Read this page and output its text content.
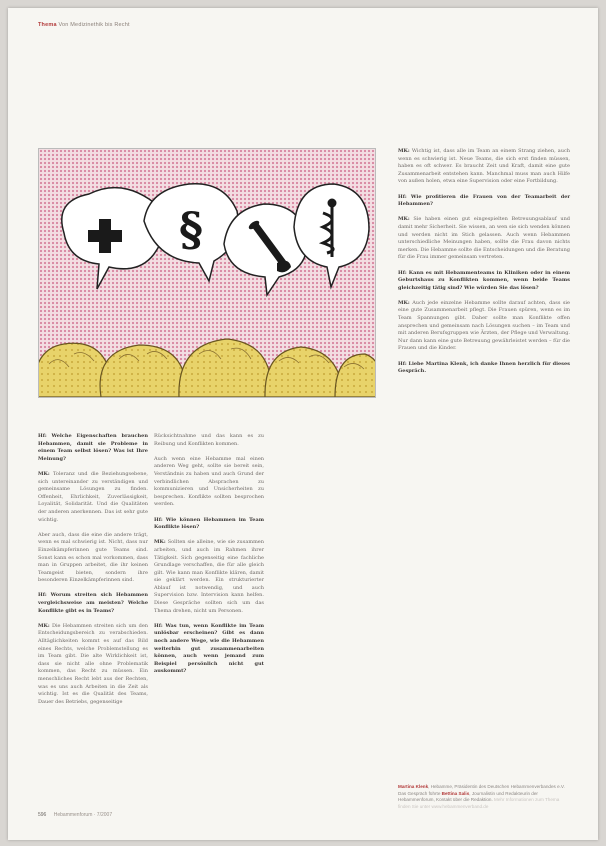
Thema Von Medizinethik bis Recht
§

Hf: Welche Eigenschaften brauchen Hebammen, damit sie Probleme in einem Team selbst lösen? Was ist Ihre Meinung?

MK: Toleranz und die Beziehungsebene, sich untereinander zu verständigen und gemeinsame Lösungen zu finden. Offenheit, Ehrlichkeit, Zuverlässigkeit, Loyalität, Solidarität. Und die Qualitäten der anderen anerkennen. Das ist sehr gute wichtig.

Aber auch, dass die eine die andere trägt, wenn es mal schwierig ist. Nicht, dass nur Einzelkämpferinnen gute Teams sind. Sonst kann es schon mal vorkommen, dass man in Gruppen arbeitet, die ihr keinen Teamgeist bieten, sondern ihre besonderen Einzelkämpferinnen sind.

Hf: Worum streiten sich Hebammen vergleichsweise am meisten? Welche Konflikte gibt es in Teams?

MK: Die Hebammen streiten sich um den Entscheidungsbereich zu verabschieden. Alltäglichkeiten kommt es auf das Bild eines Rechts, welche Problemstellung es im Team gibt. Die alte Wirklichkeit ist, dass sie nicht alle ohne Problematik kommen, das Recht zu müssen. Ein menschliches Recht lebt aus der Rechten, was es uns auch Arbeiten in die Zeit als wichtig. Ist es die Qualität des Teams, Dauer des Betriebs, gegenseitige

Rücksichtnahme und das kann es zu Reibung und Konflikten kommen.

Auch wenn eine Hebamme mal einen anderen Weg geht, sollte sie bereit sein, Verständnis zu haben und auch Grund der verbindlichen Absprachen zu kommunizieren und Unsicherheiten zu besprechen. Konflikte sollten besprochen werden.

Hf: Wie können Hebammen im Team Konflikte lösen?

MK: Sollten sie alleine, wie sie zusammen arbeiten, und auch im Rahmen ihrer Tätigkeit. Sich gegenseitig eine fachliche Grundlage verschaffen, die für alle gleich gilt. Wie kann man Konflikte klären, damit sie geklärt werden. Ein strukturierter Ablauf ist notwendig, und auch Supervision bzw. Intervision kann helfen. Diese Gespräche sollten sich um das Thema drehen, nicht um Personen.

Hf: Was tun, wenn Konflikte im Team unlösbar erscheinen? Gibt es dann noch andere Wege, wie die Hebammen weiterhin gut zusammenarbeiten können, auch wenn jemand zum Beispiel persönlich nicht gut auskommt?

MK: Wichtig ist, dass alle im Team an einem Strang ziehen, auch wenn es schwierig ist. Neue Teams, die sich erst finden müssen, haben es oft schwer. Es braucht Zeit und Kraft, damit eine gute Zusammenarbeit entstehen kann. Manchmal muss man auch Hilfe von außen holen, etwa eine Supervision oder eine Fortbildung.

Hf: Wie profitieren die Frauen von der Teamarbeit der Hebammen?

MK: Sie haben einen gut eingespielten Betreuungsablauf und damit mehr Sicherheit. Sie wissen, an wen sie sich wenden können und werden nicht im Stich gelassen. Auch wenn Hebammen unterschiedliche Meinungen haben, sollte die Frau davon nichts merken. Die Hebamme sollte die Entscheidungen und die Beratung für die Frau immer gemeinsam vertreten.

Hf: Kann es mit Hebammenteams in Kliniken oder in einem Geburtshaus zu Konflikten kommen, wenn beide Teams gleichzeitig tätig sind? Wie würden Sie das lösen?

MK: Auch jede einzelne Hebamme sollte darauf achten, dass sie eine gute Zusammenarbeit pflegt. Die Frauen spüren, wenn es im Team Spannungen gibt. Daher sollte man Konflikte offen ansprechen und gemeinsam nach Lösungen suchen – im Team und mit anderen Berufsgruppen wie Ärzten, der Pflege und Verwaltung. Nur dann kann eine gute Betreuung gewährleistet werden – für die Frauen und die Kinder.

Hf: Liebe Martina Klenk, ich danke Ihnen herzlich für dieses Gespräch.

Martina Klenk, Hebamme, Präsidentin des Deutschen Hebammenverbandes e.V. Das Gespräch führte Bettina Salis, Journalistin und Redakteurin der Hebammenforum, Kontakt über die Redaktion. Mehr Informationen zum Thema finden Sie unter www.hebammenverband.de
596 Hebammenforum · 7/2007
